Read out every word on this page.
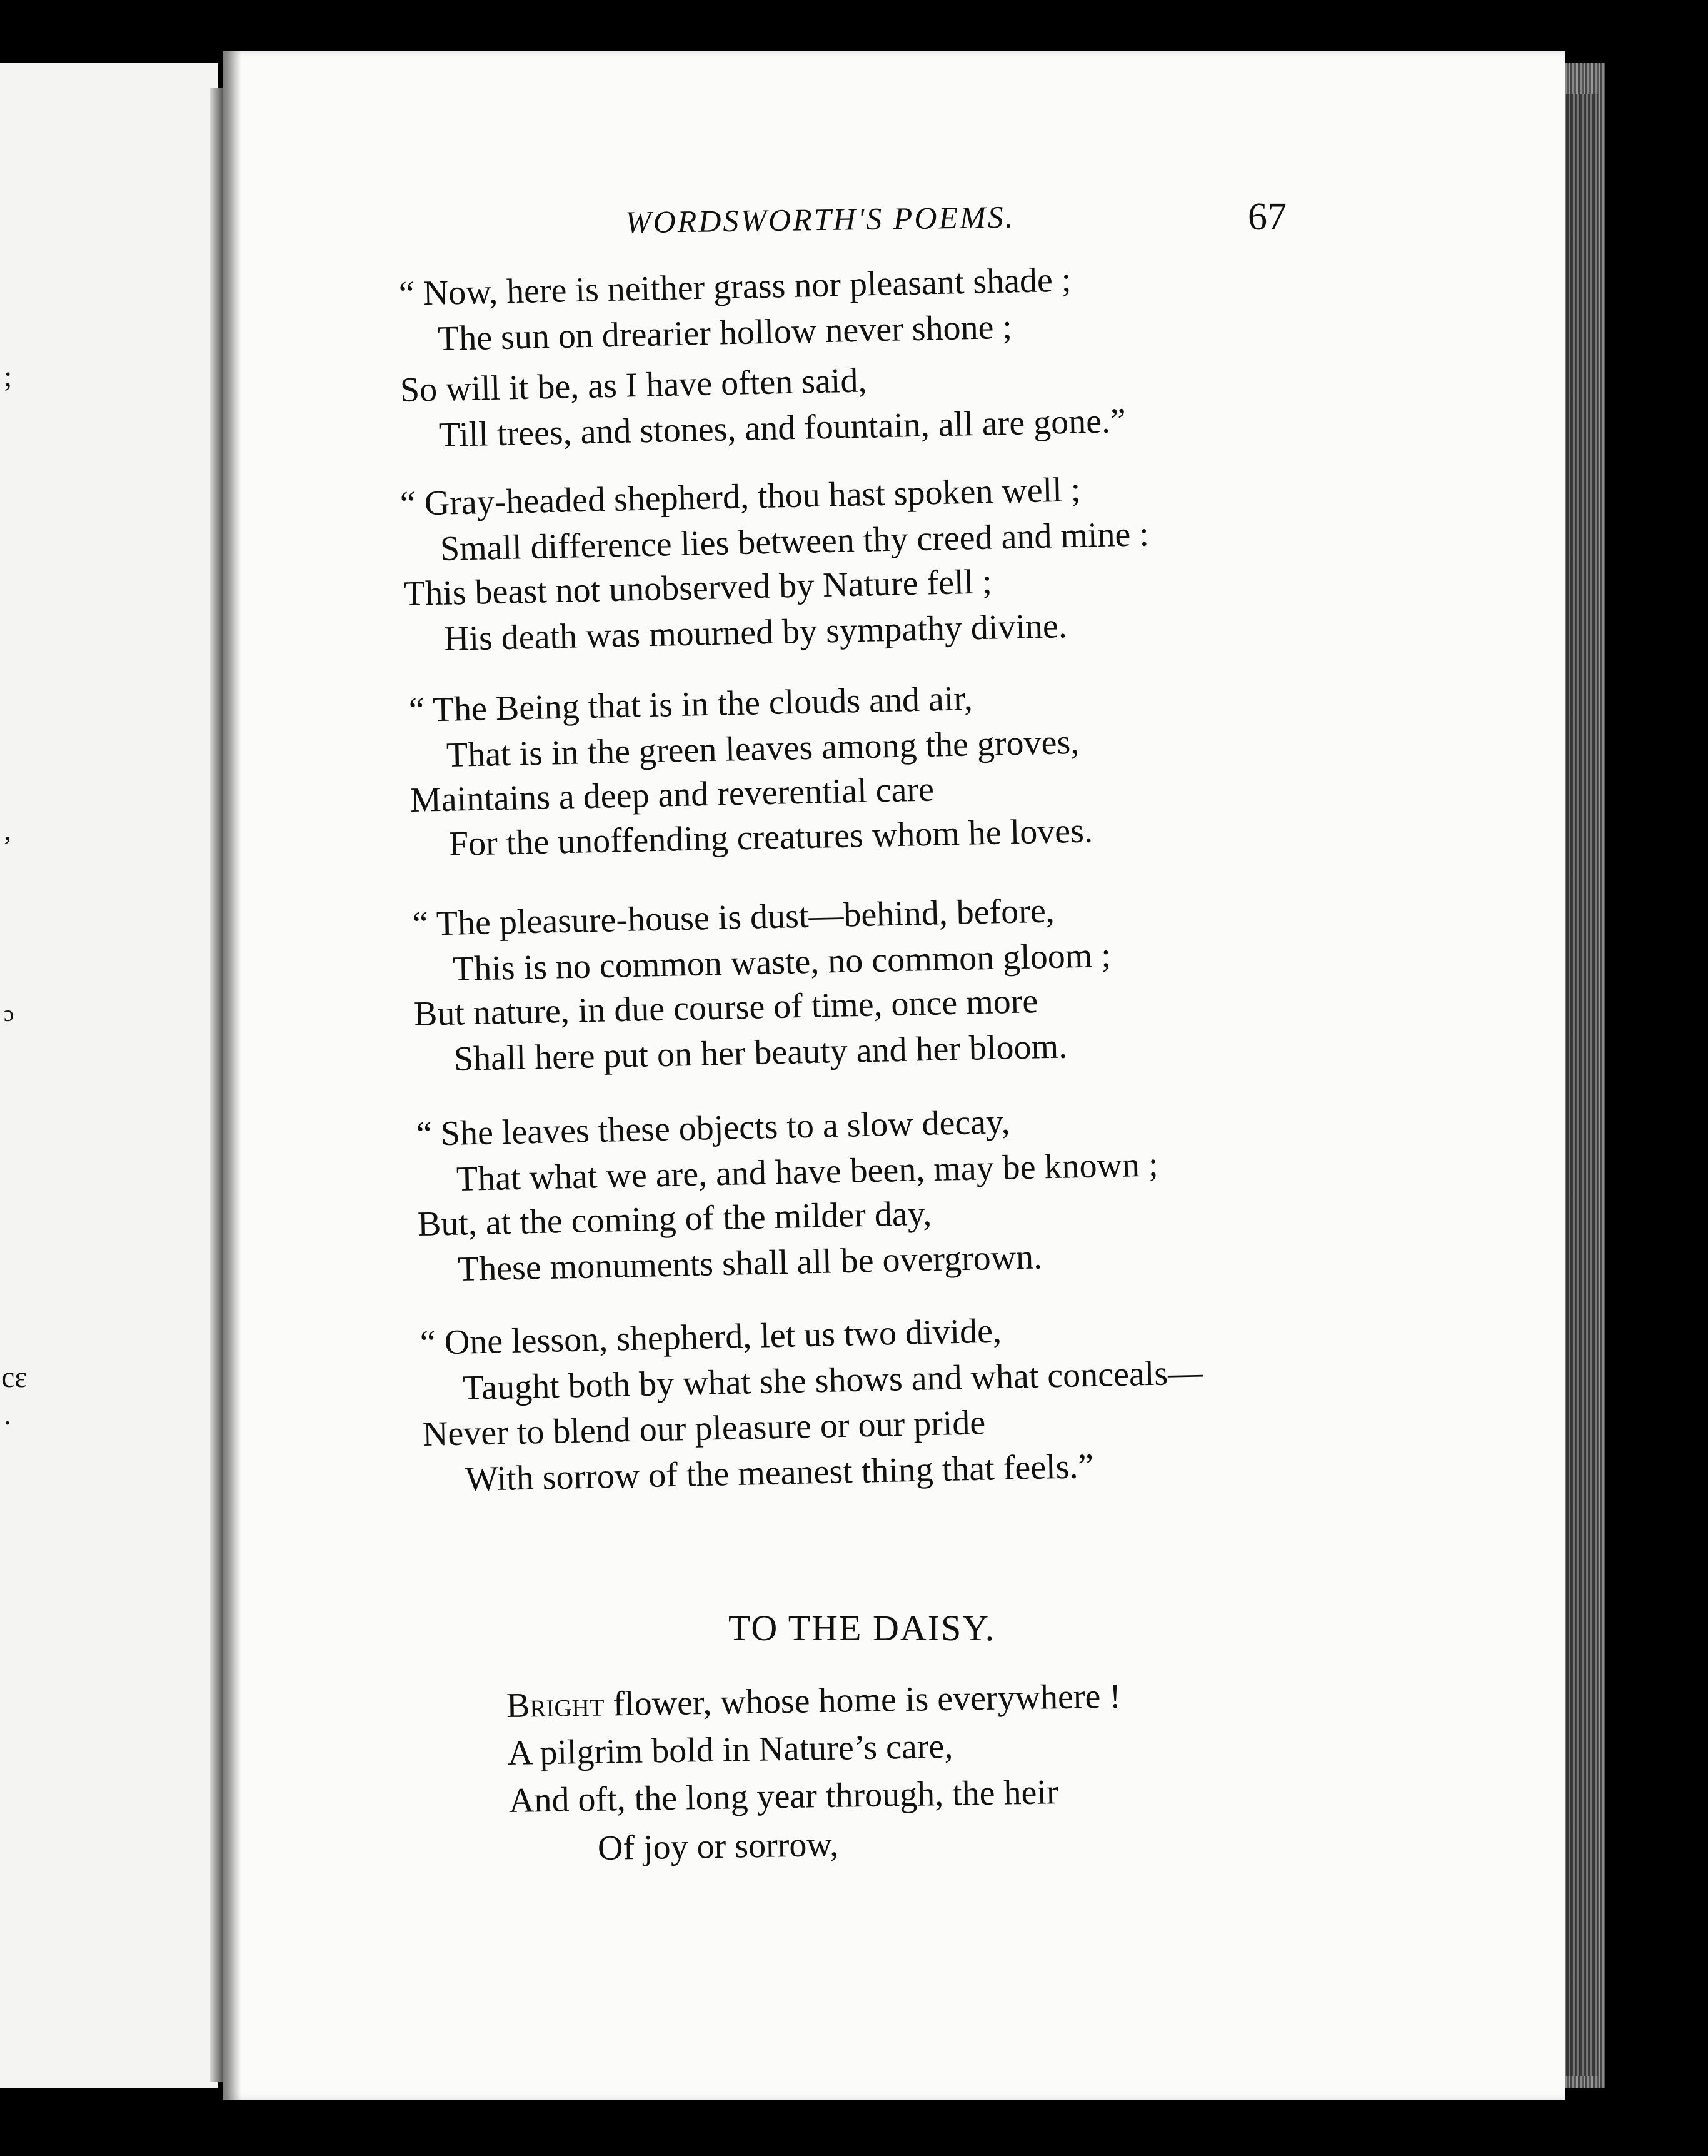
;
,
ɔ
cɛ
.
WORDSWORTH'S POEMS.	67
“ Now, here is neither grass nor pleasant shade ;
The sun on drearier hollow never shone ;
So will it be, as I have often said,
Till trees, and stones, and fountain, all are gone.”
“ Gray-headed shepherd, thou hast spoken well ;
Small difference lies between thy creed and mine :
This beast not unobserved by Nature fell ;
His death was mourned by sympathy divine.
“ The Being that is in the clouds and air,
That is in the green leaves among the groves,
Maintains a deep and reverential care
For the unoffending creatures whom he loves.
“ The pleasure-house is dust—behind, before,
This is no common waste, no common gloom ;
But nature, in due course of time, once more
Shall here put on her beauty and her bloom.
“ She leaves these objects to a slow decay,
That what we are, and have been, may be known ;
But, at the coming of the milder day,
These monuments shall all be overgrown.
“ One lesson, shepherd, let us two divide,
Taught both by what she shows and what conceals—
Never to blend our pleasure or our pride
With sorrow of the meanest thing that feels.”
TO THE DAISY.
Bright flower, whose home is everywhere !
A pilgrim bold in Nature’s care,
And oft, the long year through, the heir
Of joy or sorrow,
